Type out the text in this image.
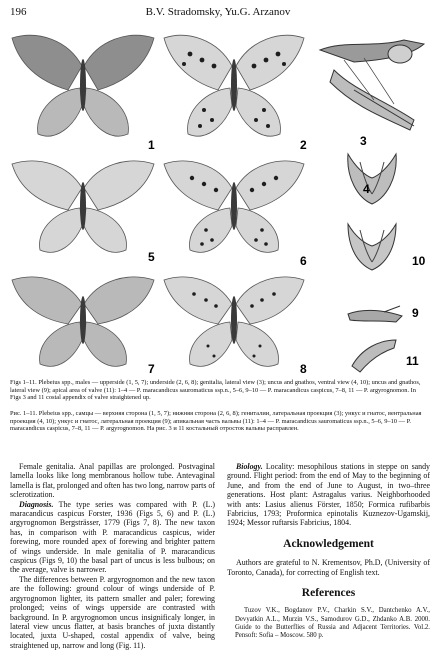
196	B.V. Stradomsky, Yu.G. Arzanov
1	2	3
4
5	6	10
7	8
9
11
Figs 1–11. Plebeius spp., males — upperside (1, 5, 7); underside (2, 6, 8); genitalia, lateral view (3); uncus and gnathos, ventral view (4, 10); uncus and gnathos, lateral view (9); apical area of valve (11): 1–4 — P. maracandicus sauromaticus ssp.n., 5–6, 9–10 — P. maracandicus caspicus, 7–8, 11 — P. argyrognomon. In Figs 3 and 11 costal appendix of valve straightened up.
Рис. 1–11. Plebeius spp., самцы — верхняя сторона (1, 5, 7); нижняя сторона (2, 6, 8); гениталии, латеральная проекция (3); ункус и гнатос, вентральная проекция (4, 10); ункус и гнатос, латеральная проекция (9); апикальная часть вальвы (11): 1–4 — P. maracandicus sauromaticus ssp.n., 5–6, 9–10 — P. maracandicus caspicus, 7–8, 11 — P. argyrognomon. На рис. 3 и 11 костальный отросток вальвы расправлен.

Female genitalia. Anal papillas are prolonged. Postvaginal lamella looks like long membranous hollow tube. Antevaginal lamella is flat, prolonged and often has two long, narrow parts of sclerotization.

Diagnosis. The type series was compared with P. (L.) maracandicus caspicus Forster, 1936 (Figs 5, 6) and P. (L.) argyrognomon Bergsträsser, 1779 (Figs 7, 8). The new taxon has, in comparison with P. maracandicus caspicus, wider forewing, more rounded apex of forewing and brighter pattern of wings underside. In male genitalia of P. maracandicus caspicus (Figs 9, 10) the basal part of uncus is less bulbous; on the average, valve is narrower.

The differences between P. argyrognomon and the new taxon are the following: ground colour of wings underside of P. argyrognomon lighter, its pattern smaller and paler; forewing prolonged; veins of wings upperside are contrasted with background. In P. argyrognomon uncus insignificaly longer, in lateral view uncus flatter, at basis branches of juxta distantly located, juxta U-shaped, costal appendix of valve, being straightened up, narrow and long (Fig. 11).

Biology. Locality: mesophilous stations in steppe on sandy ground. Flight period: from the end of May to the beginning of June, and from the end of June to August, in two–three generations. Host plant: Astragalus varius. Neighborhooded with ants: Lasius alienus Förster, 1850; Formica rufibarbis Fabricius, 1793; Proformica epinotalis Kuznezov-Ugamskij, 1924; Messor ruftarsis Fabricius, 1804.

Acknowledgement

Authors are grateful to N. Krementsov, Ph.D, (University of Toronto, Canada), for correcting of English text.

References

Tuzov V.K., Bogdanov P.V., Charkin S.V., Dantchenko A.V., Devyatkin A.L., Murzin V.S., Samodurov G.D., Zhdanko A.B. 2000. Guide to the Butterflies of Russia and Adjacent Territories. Vol.2. Pensoft: Sofia – Moscow. 580 p.
